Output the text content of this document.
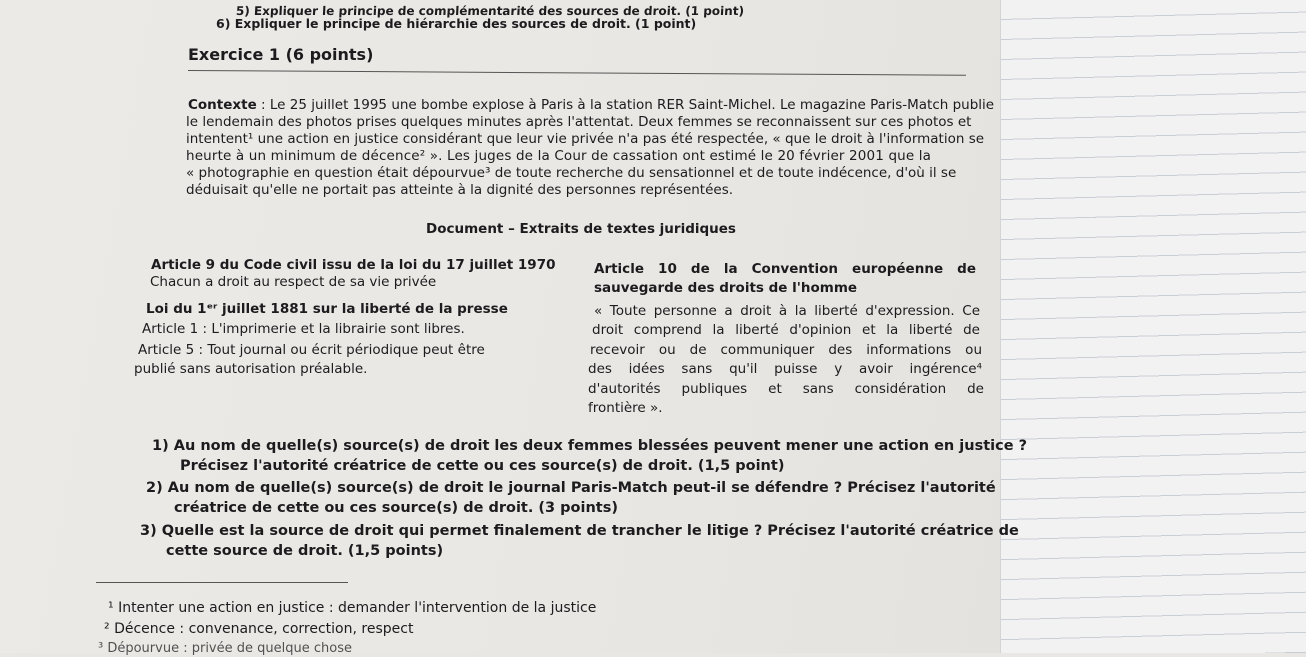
5) Expliquer le principe de complémentarité des sources de droit. (1 point)
6) Expliquer le principe de hiérarchie des sources de droit. (1 point)
Exercice 1 (6 points)
Contexte : Le 25 juillet 1995 une bombe explose à Paris à la station RER Saint-Michel. Le magazine Paris-Match publie
le lendemain des photos prises quelques minutes après l'attentat. Deux femmes se reconnaissent sur ces photos et
intentent¹ une action en justice considérant que leur vie privée n'a pas été respectée, « que le droit à l'information se
heurte à un minimum de décence² ». Les juges de la Cour de cassation ont estimé le 20 février 2001 que la
« photographie en question était dépourvue³ de toute recherche du sensationnel et de toute indécence, d'où il se
déduisait qu'elle ne portait pas atteinte à la dignité des personnes représentées.
Document – Extraits de textes juridiques
Article 9 du Code civil issu de la loi du 17 juillet 1970
Chacun a droit au respect de sa vie privée
Loi du 1ᵉʳ juillet 1881 sur la liberté de la presse
Article 1 : L'imprimerie et la librairie sont libres.
Article 5 : Tout journal ou écrit périodique peut être
publié sans autorisation préalable.
Article 10 de la Convention européenne de
sauvegarde des droits de l'homme
« Toute personne a droit à la liberté d'expression. Ce
droit comprend la liberté d'opinion et la liberté de
recevoir ou de communiquer des informations ou
des idées sans qu'il puisse y avoir ingérence⁴
d'autorités publiques et sans considération de
frontière ».
1) Au nom de quelle(s) source(s) de droit les deux femmes blessées peuvent mener une action en justice ?
Précisez l'autorité créatrice de cette ou ces source(s) de droit. (1,5 point)
2) Au nom de quelle(s) source(s) de droit le journal Paris-Match peut-il se défendre ? Précisez l'autorité
créatrice de cette ou ces source(s) de droit. (3 points)
3) Quelle est la source de droit qui permet finalement de trancher le litige ? Précisez l'autorité créatrice de
cette source de droit. (1,5 points)
¹ Intenter une action en justice : demander l'intervention de la justice
² Décence : convenance, correction, respect
³ Dépourvue : privée de quelque chose
